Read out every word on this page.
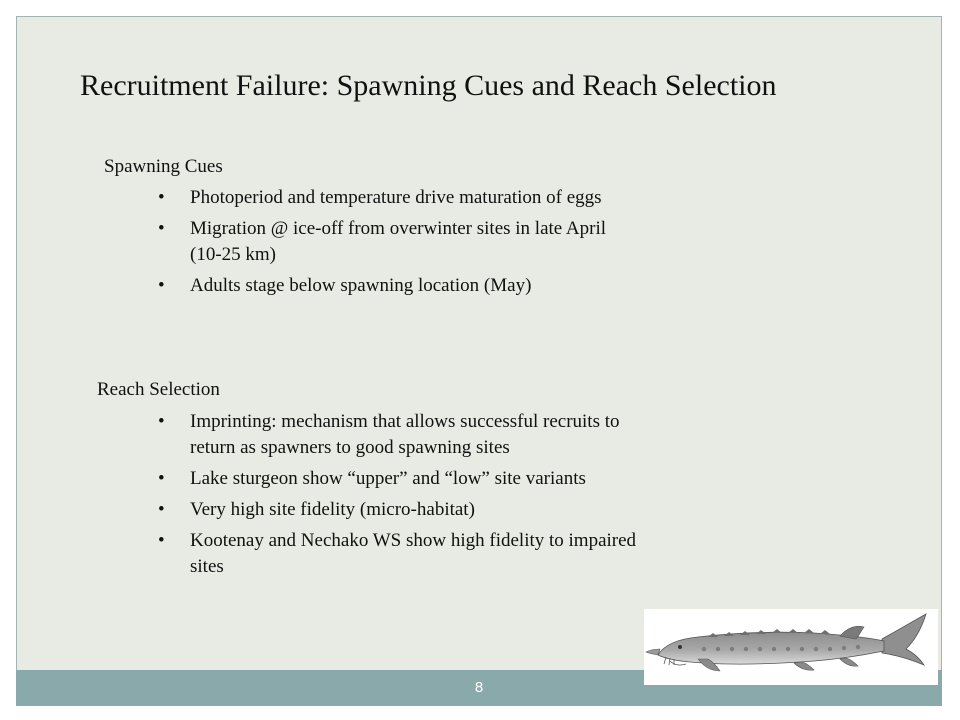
Recruitment Failure: Spawning Cues and Reach Selection
Spawning Cues
• Photoperiod and temperature drive maturation of eggs
• Migration @ ice-off from overwinter sites in late April (10-25 km)
• Adults stage below spawning location (May)
Reach Selection
• Imprinting: mechanism that allows successful recruits to return as spawners to good spawning sites
• Lake sturgeon show “upper” and “low” site variants
• Very high site fidelity (micro-habitat)
• Kootenay and Nechako WS show high fidelity to impaired sites
8
